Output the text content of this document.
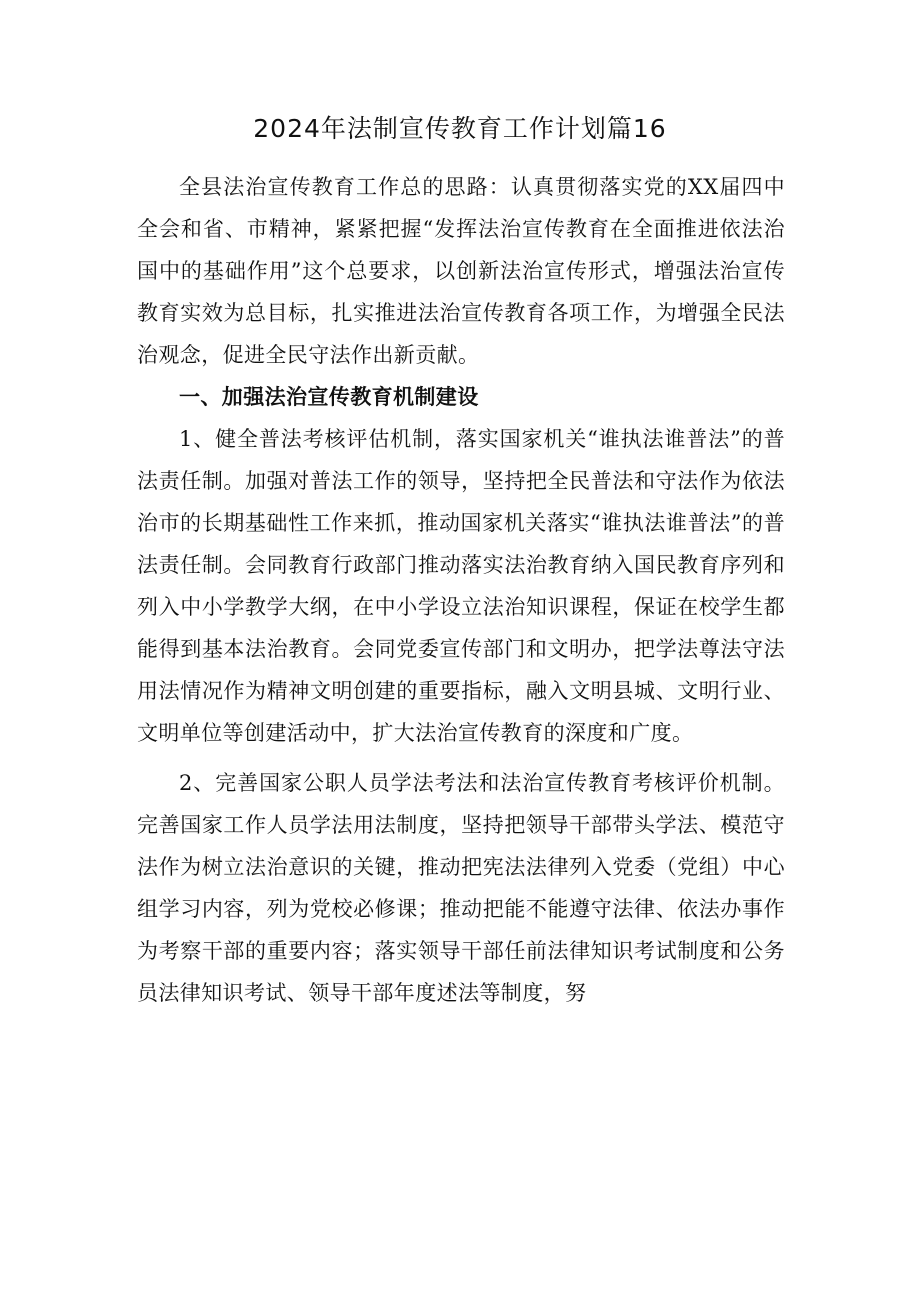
2024年法制宣传教育工作计划篇16

全县法治宣传教育工作总的思路：认真贯彻落实党的XX届四中全会和省、市精神，紧紧把握“发挥法治宣传教育在全面推进依法治国中的基础作用”这个总要求，以创新法治宣传形式，增强法治宣传教育实效为总目标，扎实推进法治宣传教育各项工作，为增强全民法治观念，促进全民守法作出新贡献。

一、加强法治宣传教育机制建设

1、健全普法考核评估机制，落实国家机关“谁执法谁普法”的普法责任制。加强对普法工作的领导，坚持把全民普法和守法作为依法治市的长期基础性工作来抓，推动国家机关落实“谁执法谁普法”的普法责任制。会同教育行政部门推动落实法治教育纳入国民教育序列和列入中小学教学大纲，在中小学设立法治知识课程，保证在校学生都能得到基本法治教育。会同党委宣传部门和文明办，把学法尊法守法用法情况作为精神文明创建的重要指标，融入文明县城、文明行业、文明单位等创建活动中，扩大法治宣传教育的深度和广度。

2、完善国家公职人员学法考法和法治宣传教育考核评价机制。完善国家工作人员学法用法制度，坚持把领导干部带头学法、模范守法作为树立法治意识的关键，推动把宪法法律列入党委（党组）中心组学习内容，列为党校必修课；推动把能不能遵守法律、依法办事作为考察干部的重要内容；落实领导干部任前法律知识考试制度和公务员法律知识考试、领导干部年度述法等制度，努
